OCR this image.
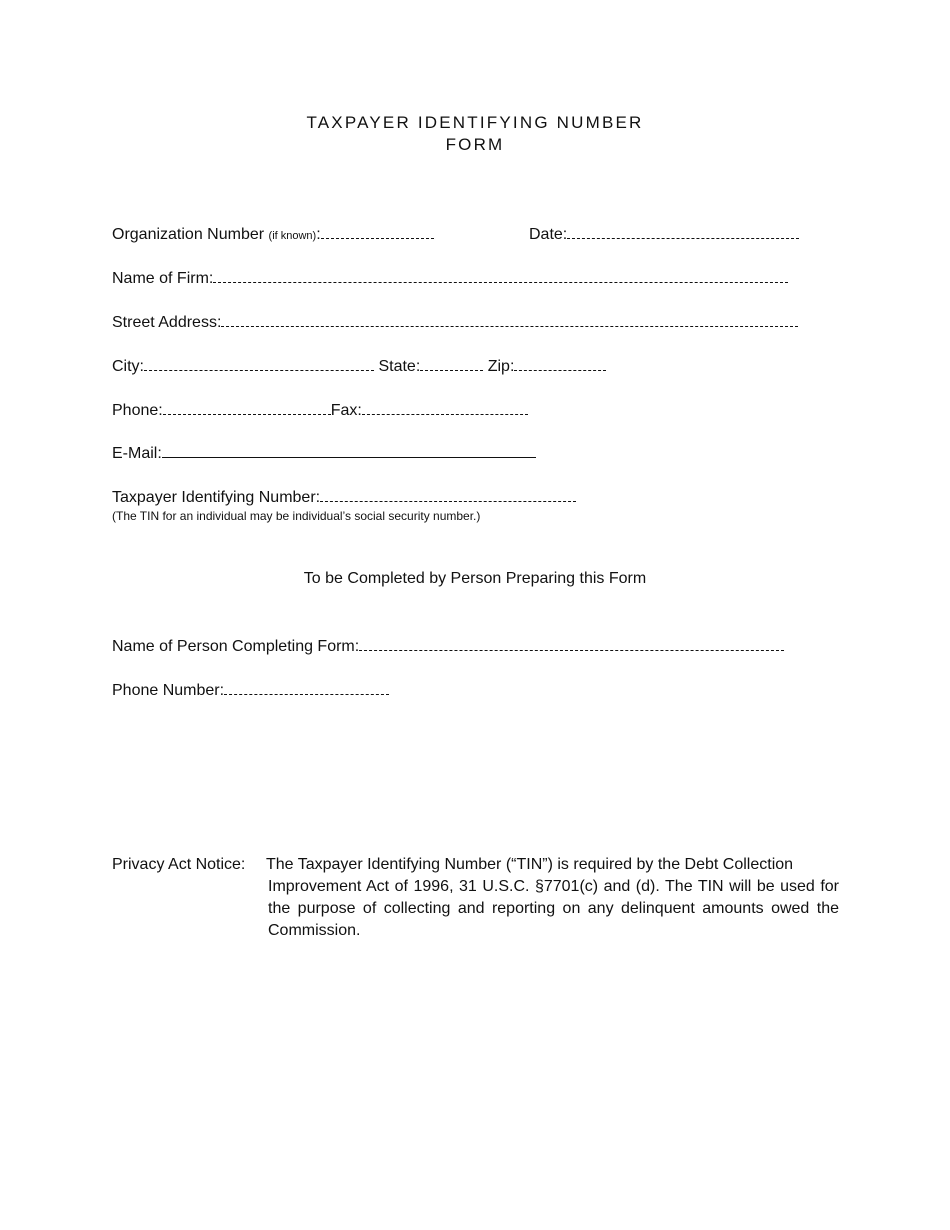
TAXPAYER IDENTIFYING NUMBER
FORM
Organization Number (if known):	Date:
Name of Firm:
Street Address:
City:	State:	Zip:
Phone:	Fax:
E-Mail:
Taxpayer Identifying Number:
(The TIN for an individual may be individual’s social security number.)
To be Completed by Person Preparing this Form
Name of Person Completing Form:
Phone Number:
Privacy Act Notice: The Taxpayer Identifying Number (“TIN”) is required by the Debt Collection
Improvement Act of 1996, 31 U.S.C. §7701(c) and (d). The TIN will be used for the purpose of collecting and reporting on any delinquent amounts owed the Commission.
